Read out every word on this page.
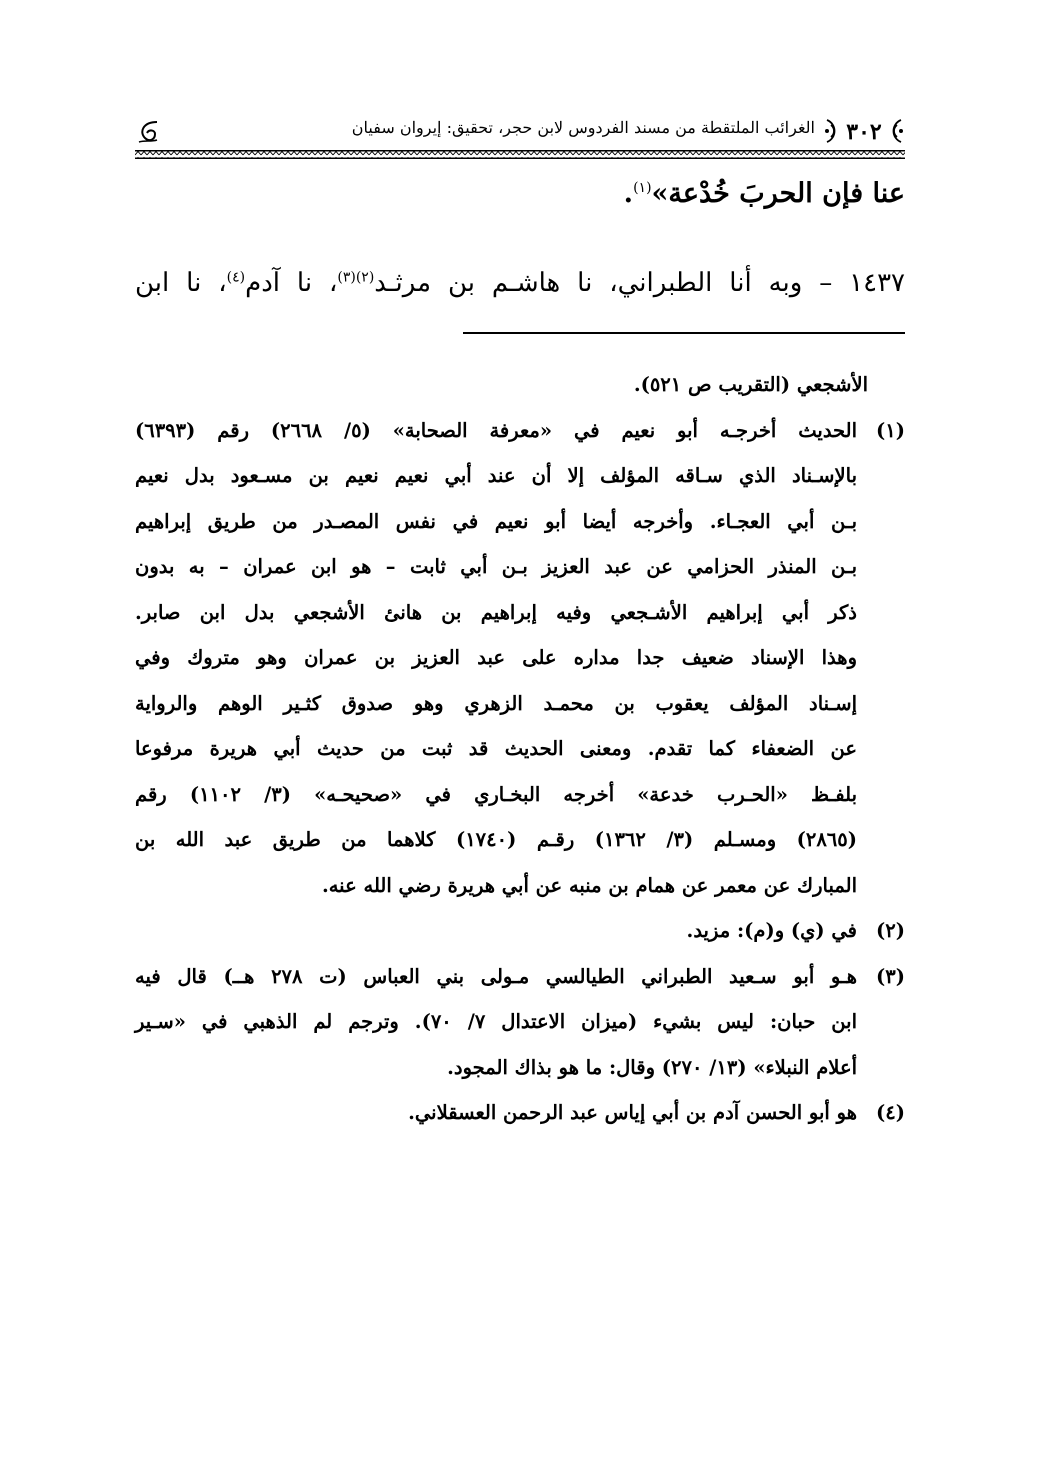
٣٠٢
الغرائب الملتقطة من مسند الفردوس لابن حجر، تحقيق: إيروان سفيان
عنا فإن الحربَ خُدْعة»$^{(١)}$.
١٤٣٧ – وبه أنا الطبراني، نا هاشـم بن مرثـد$^{(٢)(٣)}$، نا آدم$^{(٤)}$، نا ابن
الأشجعي (التقريب ص ٥٢١).
(١)
الحديث أخرجـه أبو نعيم في «معرفة الصحابة» (٥/ ٢٦٦٨) رقم (٦٣٩٣)
بالإسـناد الذي سـاقه المؤلف إلا أن عند أبي نعيم نعيم بن مسـعود بدل نعيم
بـن أبي العجـاء. وأخرجه أيضا أبو نعيم في نفس المصـدر من طريق إبراهيم
بـن المنذر الحزامي عن عبد العزيز بـن أبي ثابت – هو ابن عمران – به بدون
ذكر أبي إبراهيم الأشـجعي وفيه إبراهيم بن هانئ الأشجعي بدل ابن صابر.
وهذا الإسناد ضعيف جدا مداره على عبد العزيز بن عمران وهو متروك وفي
إسـناد المؤلف يعقوب بن محمـد الزهري وهو صدوق كثـير الوهم والرواية
عن الضعفاء كما تقدم. ومعنى الحديث قد ثبت من حديث أبي هريرة مرفوعا
بلفـظ «الحـرب خدعة» أخرجه البخـاري في «صحيحـه» (٣/ ١١٠٢) رقم
(٢٨٦٥) ومسـلم (٣/ ١٣٦٢) رقـم (١٧٤٠) كلاهما من طريق عبد الله بن
المبارك عن معمر عن همام بن منبه عن أبي هريرة رضي الله عنه.
(٢)
في (ي) و(م): مزيد.
(٣)
هـو أبو سـعيد الطبراني الطيالسي مـولى بني العباس (ت ٢٧٨ هــ) قال فيه
ابن حبان: ليس بشيء (ميزان الاعتدال ٧/ ٧٠). وترجم لم الذهبي في «سـير
أعلام النبلاء» (١٣/ ٢٧٠) وقال: ما هو بذاك المجود.
(٤)
هو أبو الحسن آدم بن أبي إياس عبد الرحمن العسقلاني.
